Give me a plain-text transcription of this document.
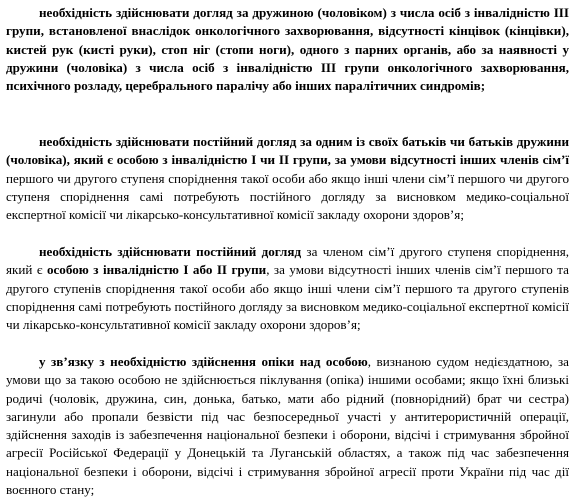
необхідність здійснювати догляд за дружиною (чоловіком) з числа осіб з інвалідністю III групи, встановленої внаслідок онкологічного захворювання, відсутності кінцівок (кінцівки), кистей рук (кисті руки), стоп ніг (стопи ноги), одного з парних органів, або за наявності у дружини (чоловіка) з числа осіб з інвалідністю III групи онкологічного захворювання, психічного розладу, церебрального паралічу або інших паралітичних синдромів;

необхідність здійснювати постійний догляд за одним із своїх батьків чи батьків дружини (чоловіка), який є особою з інвалідністю I чи II групи, за умови відсутності інших членів сім’ї першого чи другого ступеня споріднення такої особи або якщо інші члени сім’ї першого чи другого ступеня споріднення самі потребують постійного догляду за висновком медико-соціальної експертної комісії чи лікарсько-консультативної комісії закладу охорони здоров’я;

необхідність здійснювати постійний догляд за членом сім’ї другого ступеня споріднення, який є особою з інвалідністю I або II групи, за умови відсутності інших членів сім’ї першого та другого ступенів споріднення такої особи або якщо інші члени сім’ї першого та другого ступенів споріднення самі потребують постійного догляду за висновком медико-соціальної експертної комісії чи лікарсько-консультативної комісії закладу охорони здоров’я;

у зв’язку з необхідністю здійснення опіки над особою, визнаною судом недієздатною, за умови що за такою особою не здійснюється піклування (опіка) іншими особами; якщо їхні близькі родичі (чоловік, дружина, син, донька, батько, мати або рідний (повнорідний) брат чи сестра) загинули або пропали безвісти під час безпосередньої участі у антитерористичній операції, здійснення заходів із забезпечення національної безпеки і оборони, відсічі і стримування збройної агресії Російської Федерації у Донецькій та Луганській областях, а також під час забезпечення національної безпеки і оборони, відсічі і стримування збройної агресії проти України під час дії воєнного стану;
